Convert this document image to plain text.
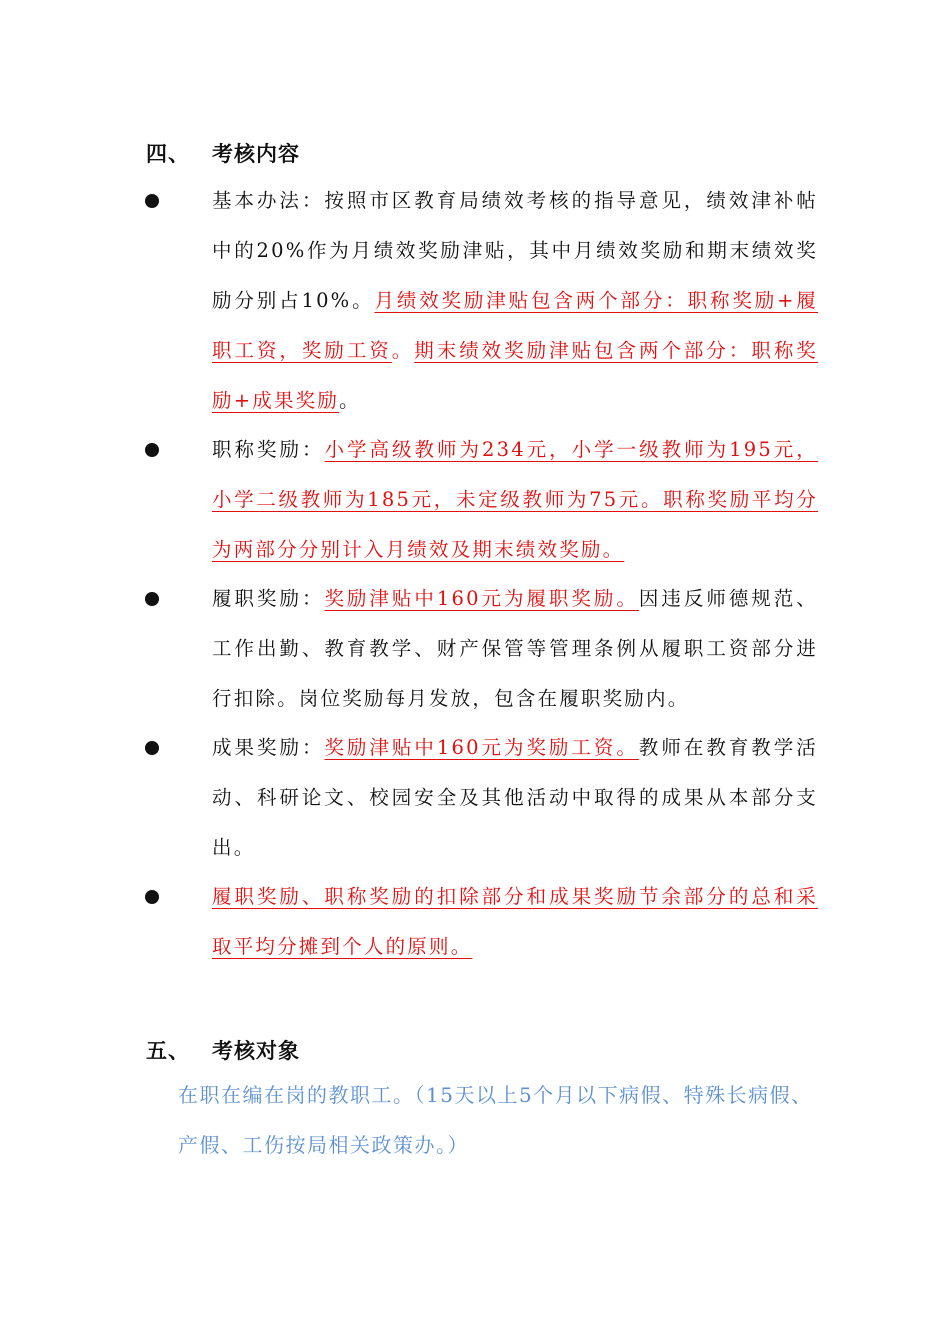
四、 考核内容
基本办法：按照市区教育局绩效考核的指导意见，绩效津补帖中的20%作为月绩效奖励津贴，其中月绩效奖励和期末绩效奖励分别占10%。月绩效奖励津贴包含两个部分：职称奖励+履职工资，奖励工资。期末绩效奖励津贴包含两个部分：职称奖励+成果奖励。
职称奖励：小学高级教师为234元，小学一级教师为195元，小学二级教师为185元，未定级教师为75元。职称奖励平均分为两部分分别计入月绩效及期末绩效奖励。
履职奖励：奖励津贴中160元为履职奖励。因违反师德规范、工作出勤、教育教学、财产保管等管理条例从履职工资部分进行扣除。岗位奖励每月发放，包含在履职奖励内。
成果奖励：奖励津贴中160元为奖励工资。教师在教育教学活动、科研论文、校园安全及其他活动中取得的成果从本部分支出。
履职奖励、职称奖励的扣除部分和成果奖励节余部分的总和采取平均分摊到个人的原则。
五、 考核对象
在职在编在岗的教职工。（15天以上5个月以下病假、特殊长病假、产假、工伤按局相关政策办。）
